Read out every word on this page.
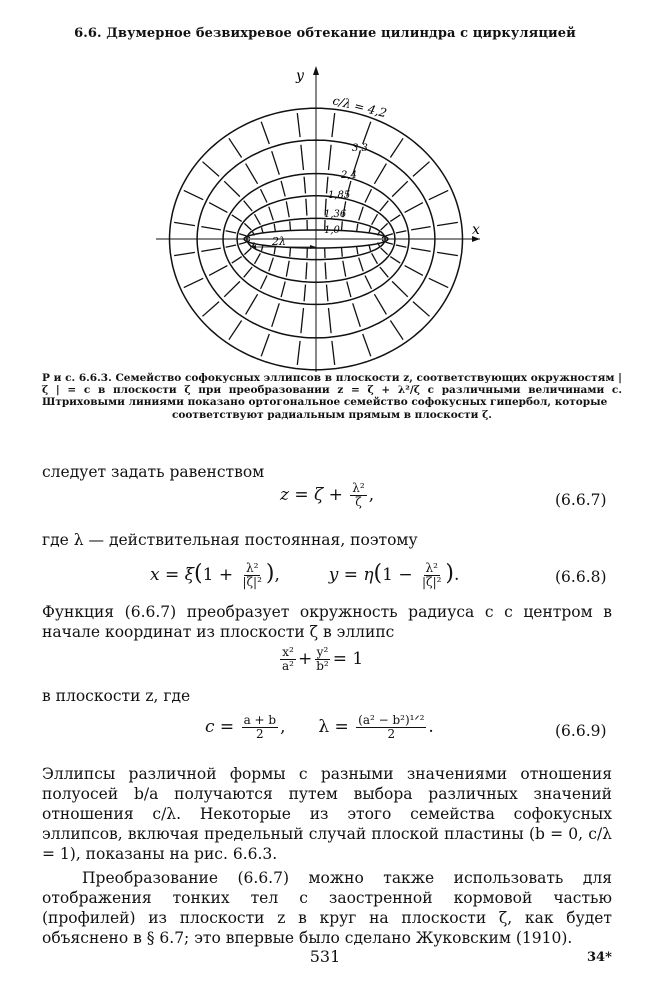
6.6. Двумерное безвихревое обтекание цилиндра с циркуляцией
y
x
c/λ = 4,2
3,3
2,4
1,85
1,36
1,0
2λ
Р и с. 6.6.3. Семейство софокусных эллипсов в плоскости z, соответствующих окружностям | ζ | = c в плоскости ζ при преобразовании z = ζ + λ²/ζ с различными величинами c. Штриховыми линиями показано ортогональное семейство софокусных гипербол, которые
соответствуют радиальным прямым в плоскости ζ.
следует задать равенством
$z = \zeta + \frac{\text{λ²}}{\zeta}$ ,	(6.6.7)
где λ — действительная постоянная, поэтому
$x = \xi(1 + \frac{\text{λ²}}{\text{|ζ|²}}$ ),	$y = \eta(1 - \frac{\text{λ²}}{\text{|ζ|²}}$ ).	(6.6.8)
Функция (6.6.7) преобразует окружность радиуса c с центром в начале координат из плоскости ζ в эллипс
$\frac{\text{x²}}{\text{a²}} + \frac{\text{y²}}{\text{b²}} = 1$
в плоскости z, где
$c = \frac{a + b}{2}$ , $\lambda = \frac{\text{(a² − b²)¹ᐟ²}}{2}$ .	(6.6.9)
Эллипсы различной формы с разными значениями отношения полуосей b/a получаются путем выбора различных значений отношения c/λ. Некоторые из этого семейства софокусных эллипсов, включая предельный случай плоской пластины (b = 0, c/λ = 1), показаны на рис. 6.6.3.
Преобразование (6.6.7) можно также использовать для отображения тонких тел с заостренной кормовой частью (профилей) из плоскости z в круг на плоскости ζ, как будет объяснено в § 6.7; это впервые было сделано Жуковским (1910).
531	34*
